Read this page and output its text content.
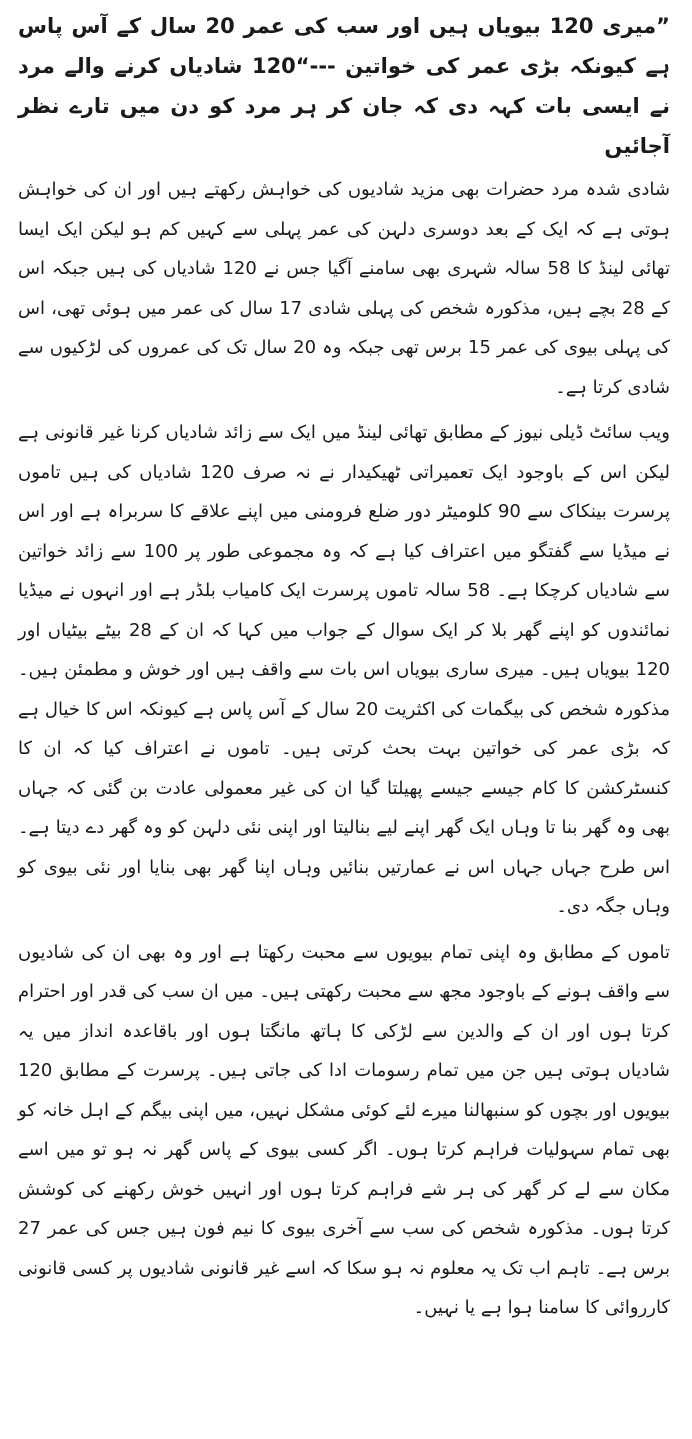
”میری 120 بیویاں ہیں اور سب کی عمر 20 سال کے آس پاس ہے کیونکہ بڑی عمر کی خواتین ---“120 شادیاں کرنے والے مرد نے ایسی بات کہہ دی کہ جان کر ہر مرد کو دن میں تارے نظر آجائیں

شادی شدہ مرد حضرات بھی مزید شادیوں کی خواہش رکھتے ہیں اور ان کی خواہش ہوتی ہے کہ ایک کے بعد دوسری دلہن کی عمر پہلی سے کہیں کم ہو لیکن ایک ایسا تھائی لینڈ کا 58 سالہ شہری بھی سامنے آگیا جس نے 120 شادیاں کی ہیں جبکہ اس کے 28 بچے ہیں، مذکورہ شخص کی پہلی شادی 17 سال کی عمر میں ہوئی تھی، اس کی پہلی بیوی کی عمر 15 برس تھی جبکہ وہ 20 سال تک کی عمروں کی لڑکیوں سے شادی کرتا ہے۔

ویب سائٹ ڈیلی نیوز کے مطابق تھائی لینڈ میں ایک سے زائد شادیاں کرنا غیر قانونی ہے لیکن اس کے باوجود ایک تعمیراتی ٹھیکیدار نے نہ صرف 120 شادیاں کی ہیں تاموں پرسرت بینکاک سے 90 کلومیٹر دور ضلع فرومنی میں اپنے علاقے کا سربراہ ہے اور اس نے میڈیا سے گفتگو میں اعتراف کیا ہے کہ وہ مجموعی طور پر 100 سے زائد خواتین سے شادیاں کرچکا ہے۔ 58 سالہ تاموں پرسرت ایک کامیاب بلڈر ہے اور انہوں نے میڈیا نمائندوں کو اپنے گھر بلا کر ایک سوال کے جواب میں کہا کہ ان کے 28 بیٹے بیٹیاں اور 120 بیویاں ہیں۔ میری ساری بیویاں اس بات سے واقف ہیں اور خوش و مطمئن ہیں۔ مذکورہ شخص کی بیگمات کی اکثریت 20 سال کے آس پاس ہے کیونکہ اس کا خیال ہے کہ بڑی عمر کی خواتین بہت بحث کرتی ہیں۔ تاموں نے اعتراف کیا کہ ان کا کنسٹرکشن کا کام جیسے جیسے پھیلتا گیا ان کی غیر معمولی عادت بن گئی کہ جہاں بھی وہ گھر بنا تا وہاں ایک گھر اپنے لیے بنالیتا اور اپنی نئی دلہن کو وہ گھر دے دیتا ہے۔ اس طرح جہاں جہاں اس نے عمارتیں بنائیں وہاں اپنا گھر بھی بنایا اور نئی بیوی کو وہاں جگہ دی۔

تاموں کے مطابق وہ اپنی تمام بیویوں سے محبت رکھتا ہے اور وہ بھی ان کی شادیوں سے واقف ہونے کے باوجود مجھ سے محبت رکھتی ہیں۔ میں ان سب کی قدر اور احترام کرتا ہوں اور ان کے والدین سے لڑکی کا ہاتھ مانگتا ہوں اور باقاعدہ انداز میں یہ شادیاں ہوتی ہیں جن میں تمام رسومات ادا کی جاتی ہیں۔ پرسرت کے مطابق 120 بیویوں اور بچوں کو سنبھالنا میرے لئے کوئی مشکل نہیں، میں اپنی بیگم کے اہل خانہ کو بھی تمام سہولیات فراہم کرتا ہوں۔ اگر کسی بیوی کے پاس گھر نہ ہو تو میں اسے مکان سے لے کر گھر کی ہر شے فراہم کرتا ہوں اور انہیں خوش رکھنے کی کوشش کرتا ہوں۔ مذکورہ شخص کی سب سے آخری بیوی کا نیم فون ہیں جس کی عمر 27 برس ہے۔ تاہم اب تک یہ معلوم نہ ہو سکا کہ اسے غیر قانونی شادیوں پر کسی قانونی کارروائی کا سامنا ہوا ہے یا نہیں۔
